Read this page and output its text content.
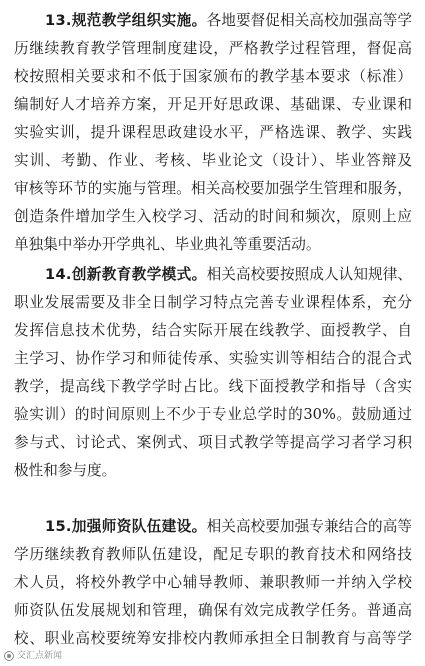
13.规范教学组织实施。各地要督促相关高校加强高等学
历继续教育教学管理制度建设，严格教学过程管理，督促高
校按照相关要求和不低于国家颁布的教学基本要求（标准）
编制好人才培养方案，开足开好思政课、基础课、专业课和
实验实训，提升课程思政建设水平，严格选课、教学、实践
实训、考勤、作业、考核、毕业论文（设计）、毕业答辩及
审核等环节的实施与管理。相关高校要加强学生管理和服务，
创造条件增加学生入校学习、活动的时间和频次，原则上应
单独集中举办开学典礼、毕业典礼等重要活动。
14.创新教育教学模式。相关高校要按照成人认知规律、
职业发展需要及非全日制学习特点完善专业课程体系，充分
发挥信息技术优势，结合实际开展在线教学、面授教学、自
主学习、协作学习和师徒传承、实验实训等相结合的混合式
教学，提高线下教学学时占比。线下面授教学和指导（含实
验实训）的时间原则上不少于专业总学时的30%。鼓励通过
参与式、讨论式、案例式、项目式教学等提高学习者学习积
极性和参与度。
15.加强师资队伍建设。相关高校要加强专兼结合的高等
学历继续教育教师队伍建设，配足专职的教育技术和网络技
术人员，将校外教学中心辅导教师、兼职教师一并纳入学校
师资队伍发展规划和管理，确保有效完成教学任务。普通高
校、职业高校要统筹安排校内教师承担全日制教育与高等学
交汇点新闻
